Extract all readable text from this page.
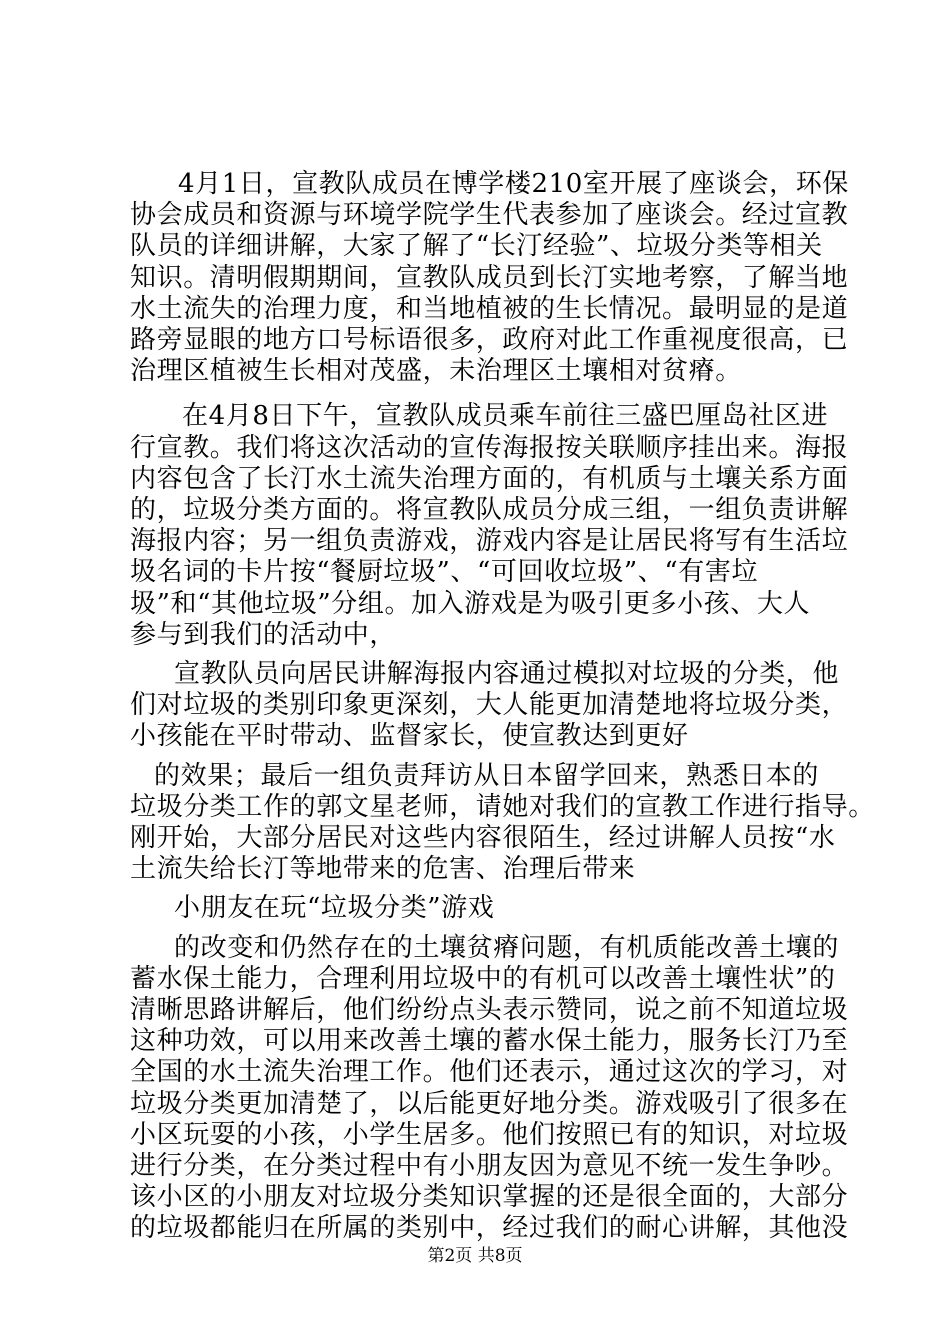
4月1日，宣教队成员在博学楼210室开展了座谈会，环保
协会成员和资源与环境学院学生代表参加了座谈会。经过宣教
队员的详细讲解，大家了解了“长汀经验”、垃圾分类等相关
知识。清明假期期间，宣教队成员到长汀实地考察，了解当地
水土流失的治理力度，和当地植被的生长情况。最明显的是道
路旁显眼的地方口号标语很多，政府对此工作重视度很高，已
治理区植被生长相对茂盛，未治理区土壤相对贫瘠。
在4月8日下午，宣教队成员乘车前往三盛巴厘岛社区进
行宣教。我们将这次活动的宣传海报按关联顺序挂出来。海报
内容包含了长汀水土流失治理方面的，有机质与土壤关系方面
的，垃圾分类方面的。将宣教队成员分成三组，一组负责讲解
海报内容；另一组负责游戏，游戏内容是让居民将写有生活垃
圾名词的卡片按“餐厨垃圾”、“可回收垃圾”、“有害垃
圾”和“其他垃圾”分组。加入游戏是为吸引更多小孩、大人
参与到我们的活动中，
宣教队员向居民讲解海报内容通过模拟对垃圾的分类，他
们对垃圾的类别印象更深刻，大人能更加清楚地将垃圾分类，
小孩能在平时带动、监督家长，使宣教达到更好
的效果；最后一组负责拜访从日本留学回来，熟悉日本的
垃圾分类工作的郭文星老师，请她对我们的宣教工作进行指导。
刚开始，大部分居民对这些内容很陌生，经过讲解人员按“水
土流失给长汀等地带来的危害、治理后带来
小朋友在玩“垃圾分类”游戏
的改变和仍然存在的土壤贫瘠问题，有机质能改善土壤的
蓄水保土能力，合理利用垃圾中的有机可以改善土壤性状”的
清晰思路讲解后，他们纷纷点头表示赞同，说之前不知道垃圾
这种功效，可以用来改善土壤的蓄水保土能力，服务长汀乃至
全国的水土流失治理工作。他们还表示，通过这次的学习，对
垃圾分类更加清楚了，以后能更好地分类。游戏吸引了很多在
小区玩耍的小孩，小学生居多。他们按照已有的知识，对垃圾
进行分类，在分类过程中有小朋友因为意见不统一发生争吵。
该小区的小朋友对垃圾分类知识掌握的还是很全面的，大部分
的垃圾都能归在所属的类别中，经过我们的耐心讲解，其他没
第2页 共8页
